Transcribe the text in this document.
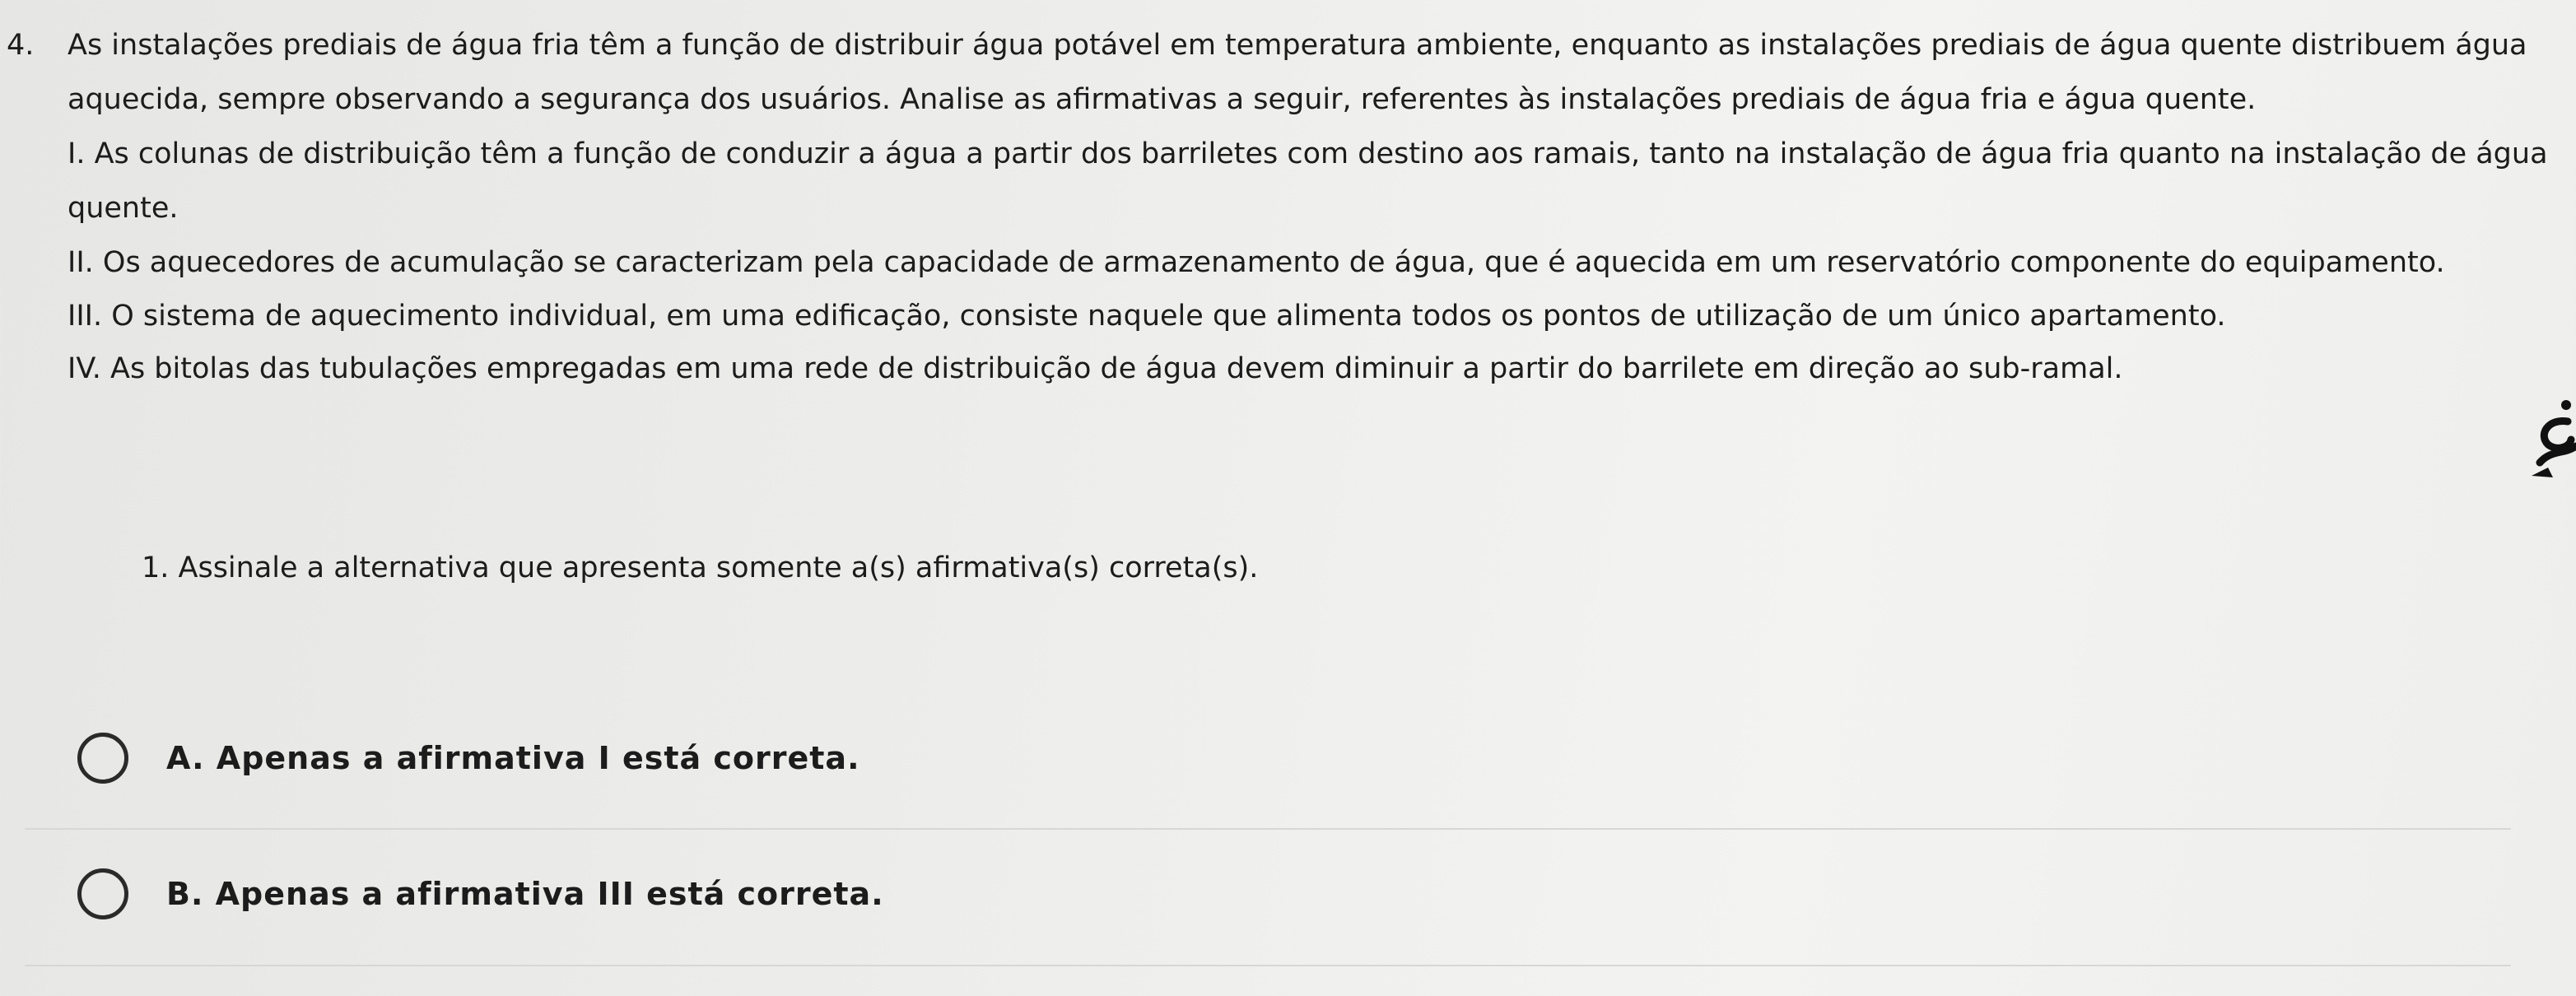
4. As instalações prediais de água fria têm a função de distribuir água potável em temperatura ambiente, enquanto as instalações prediais de água quente distribuem água aquecida, sempre observando a segurança dos usuários. Analise as afirmativas a seguir, referentes às instalações prediais de água fria e água quente.

I. As colunas de distribuição têm a função de conduzir a água a partir dos barriletes com destino aos ramais, tanto na instalação de água fria quanto na instalação de água quente.

II. Os aquecedores de acumulação se caracterizam pela capacidade de armazenamento de água, que é aquecida em um reservatório componente do equipamento.

III. O sistema de aquecimento individual, em uma edificação, consiste naquele que alimenta todos os pontos de utilização de um único apartamento.

IV. As bitolas das tubulações empregadas em uma rede de distribuição de água devem diminuir a partir do barrilete em direção ao sub-ramal.

1. Assinale a alternativa que apresenta somente a(s) afirmativa(s) correta(s).
A. Apenas a afirmativa I está correta.
B. Apenas a afirmativa III está correta.
